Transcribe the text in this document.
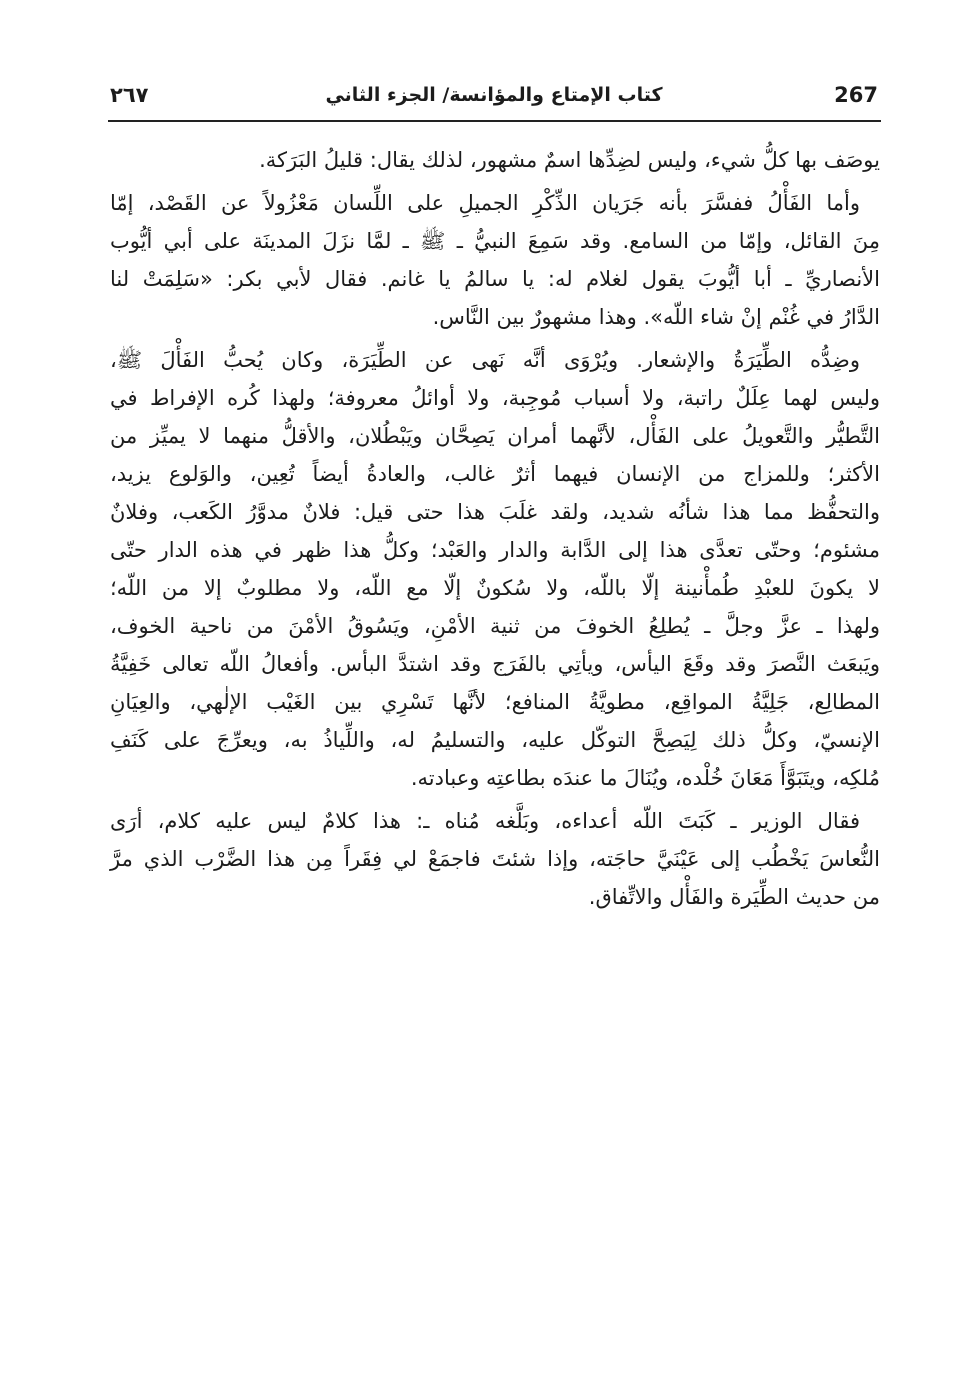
267
كتاب الإمتاع والمؤانسة/ الجزء الثاني
٢٦٧
يوصَف بها كلُّ شيء، وليس لضِدِّها اسمٌ مشهور، لذلك يقال: قليلُ البَرَكة.
وأما الفَأْلُ ففسَّرَ بأنه جَرَيان الذِّكْرِ الجميلِ على اللِّسان مَعْزُولاً عن القَصْد، إمّا
مِنَ القائل، وإمّا من السامع. وقد سَمِعَ النبيُّ ـ ﷺ ـ لمَّا نزَلَ المدينَة على أبي أيُّوب
الأنصاريِّ ـ أبا أيُّوبَ يقول لغلام له: يا سالمُ يا غانم. فقال لأبي بكر: «سَلِمَتْ لنا
الدَّارُ في غُنْم إنْ شاء اللّه». وهذا مشهورٌ بين النَّاس.
وضِدُّه الطِّيَرَةُ والإشعار. ويُرْوَى أنَّه نَهى عن الطِّيَرَة، وكان يُحبُّ الفَأْلَ ﷺ،
وليس لهما عِلَلٌ راتبة، ولا أسباب مُوجِبة، ولا أوائلُ معروفة؛ ولهذا كُره الإفراط في
التَّطيُّر والتَّعويلُ على الفَأْل، لأنَّهما أمران يَصِحَّان ويَبْطُلان، والأقلُّ منهما لا يميِّز من
الأكثر؛ وللمزاج من الإنسان فيهما أثرٌ غالب، والعادةُ أيضاً تُعِين، والوَلوع يزيد،
والتحفُّظ مما هذا شأنُه شديد، ولقد غلَبَ هذا حتى قيل: فلانٌ مدوَّرُ الكَعب، وفلانٌ
مشئوم؛ وحتّى تعدَّى هذا إلى الدَّابة والدار والعَبْد؛ وكلُّ هذا ظهر في هذه الدار حتّى
لا يكونَ للعبْدِ طُمأْنينة إلّا باللّه، ولا سُكونٌ إلّا مع اللّه، ولا مطلوبٌ إلا من اللّه؛
ولهذا ـ عزَّ وجلَّ ـ يُطلِعُ الخوفَ من ثنية الأمْنِ، ويَسُوقُ الأمْنَ من ناحية الخوف،
ويَبعَث النَّصرَ وقد وقَعَ اليأس، ويأتِي بالفَرَج وقد اشتدَّ البأس. وأفعالُ اللّه تعالى خَفِيَّةُ
المطالِع، جَلِيَّةُ المواقِع، مطويَّةُ المنافع؛ لأنَّها تَسْرِي بين الغَيْب الإلٰهي، والعِيَانِ
الإنسيّ، وكلُّ ذلك لِيَصِحَّ التوكّل عليه، والتسليمُ له، واللِّياذُ به، ويعرِّجَ على كَنَفِ
مُلكِه، ويتَبَوَّأَ مَعَانَ خُلْده، ويُنَالَ ما عندَه بطاعتِه وعبادته.
فقال الوزير ـ كَبَتَ اللّه أعداءه، وبَلَّغه مُناه ـ: هذا كلامٌ ليس عليه كلام، أرَى
النُّعاسَ يَخْطُب إلى عَيْنَيَّ حاجَته، وإذا شئتَ فاجمَعْ لي فِقَراً مِن هذا الضَّرْب الذي مرَّ
من حديث الطِّيَرة والفَأْل والاتِّفاق.
